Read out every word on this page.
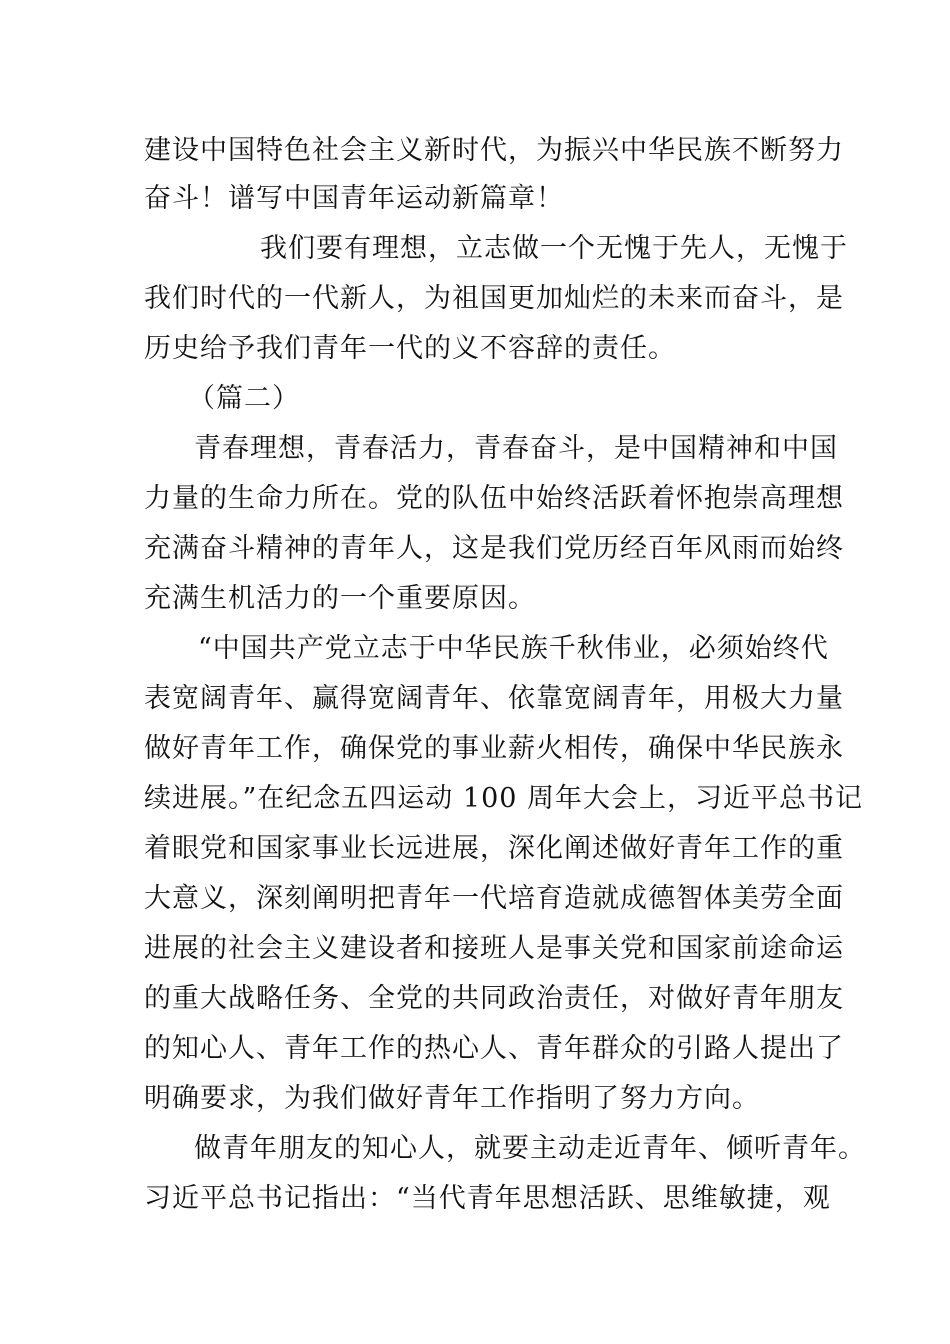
建设中国特色社会主义新时代，为振兴中华民族不断努力
奋斗！谱写中国青年运动新篇章！
我们要有理想，立志做一个无愧于先人，无愧于
我们时代的一代新人，为祖国更加灿烂的未来而奋斗，是
历史给予我们青年一代的义不容辞的责任。
（篇二）
青春理想，青春活力，青春奋斗，是中国精神和中国
力量的生命力所在。党的队伍中始终活跃着怀抱崇高理想
充满奋斗精神的青年人，这是我们党历经百年风雨而始终
充满生机活力的一个重要原因。
“中国共产党立志于中华民族千秋伟业，必须始终代
表宽阔青年、赢得宽阔青年、依靠宽阔青年，用极大力量
做好青年工作，确保党的事业薪火相传，确保中华民族永
续进展。”在纪念五四运动 100 周年大会上，习近平总书记
着眼党和国家事业长远进展，深化阐述做好青年工作的重
大意义，深刻阐明把青年一代培育造就成德智体美劳全面
进展的社会主义建设者和接班人是事关党和国家前途命运
的重大战略任务、全党的共同政治责任，对做好青年朋友
的知心人、青年工作的热心人、青年群众的引路人提出了
明确要求，为我们做好青年工作指明了努力方向。
做青年朋友的知心人，就要主动走近青年、倾听青年。
习近平总书记指出：“当代青年思想活跃、思维敏捷，观
